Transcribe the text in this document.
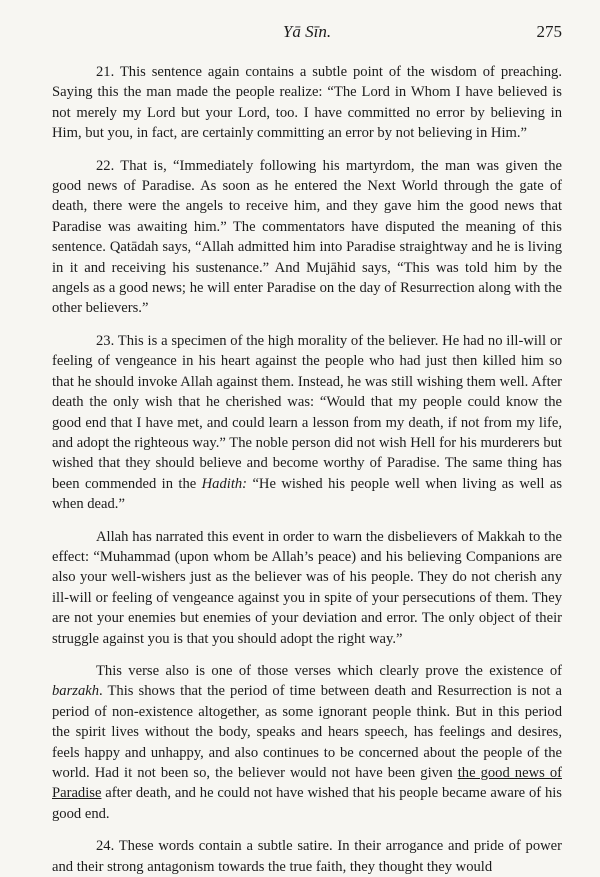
Yā Sīn.	275

21. This sentence again contains a subtle point of the wisdom of preaching. Saying this the man made the people realize: “The Lord in Whom I have believed is not merely my Lord but your Lord, too. I have committed no error by believing in Him, but you, in fact, are certainly committing an error by not believing in Him.”

22. That is, “Immediately following his martyrdom, the man was given the good news of Paradise. As soon as he entered the Next World through the gate of death, there were the angels to receive him, and they gave him the good news that Paradise was awaiting him.” The commentators have disputed the meaning of this sentence. Qatādah says, “Allah admitted him into Paradise straightway and he is living in it and receiving his sustenance.” And Mujāhid says, “This was told him by the angels as a good news; he will enter Paradise on the day of Resurrection along with the other believers.”

23. This is a specimen of the high morality of the believer. He had no ill-will or feeling of vengeance in his heart against the people who had just then killed him so that he should invoke Allah against them. Instead, he was still wishing them well. After death the only wish that he cherished was: “Would that my people could know the good end that I have met, and could learn a lesson from my death, if not from my life, and adopt the righteous way.” The noble person did not wish Hell for his murderers but wished that they should believe and become worthy of Paradise. The same thing has been commended in the Hadith: “He wished his people well when living as well as when dead.”

Allah has narrated this event in order to warn the disbelievers of Makkah to the effect: “Muhammad (upon whom be Allah’s peace) and his believing Companions are also your well-wishers just as the believer was of his people. They do not cherish any ill-will or feeling of vengeance against you in spite of your persecutions of them. They are not your enemies but enemies of your deviation and error. The only object of their struggle against you is that you should adopt the right way.”

This verse also is one of those verses which clearly prove the existence of barzakh. This shows that the period of time between death and Resurrection is not a period of non-existence altogether, as some ignorant people think. But in this period the spirit lives without the body, speaks and hears speech, has feelings and desires, feels happy and unhappy, and also continues to be concerned about the people of the world. Had it not been so, the believer would not have been given the good news of Paradise after death, and he could not have wished that his people became aware of his good end.

24. These words contain a subtle satire. In their arrogance and pride of power and their strong antagonism towards the true faith, they thought they would
